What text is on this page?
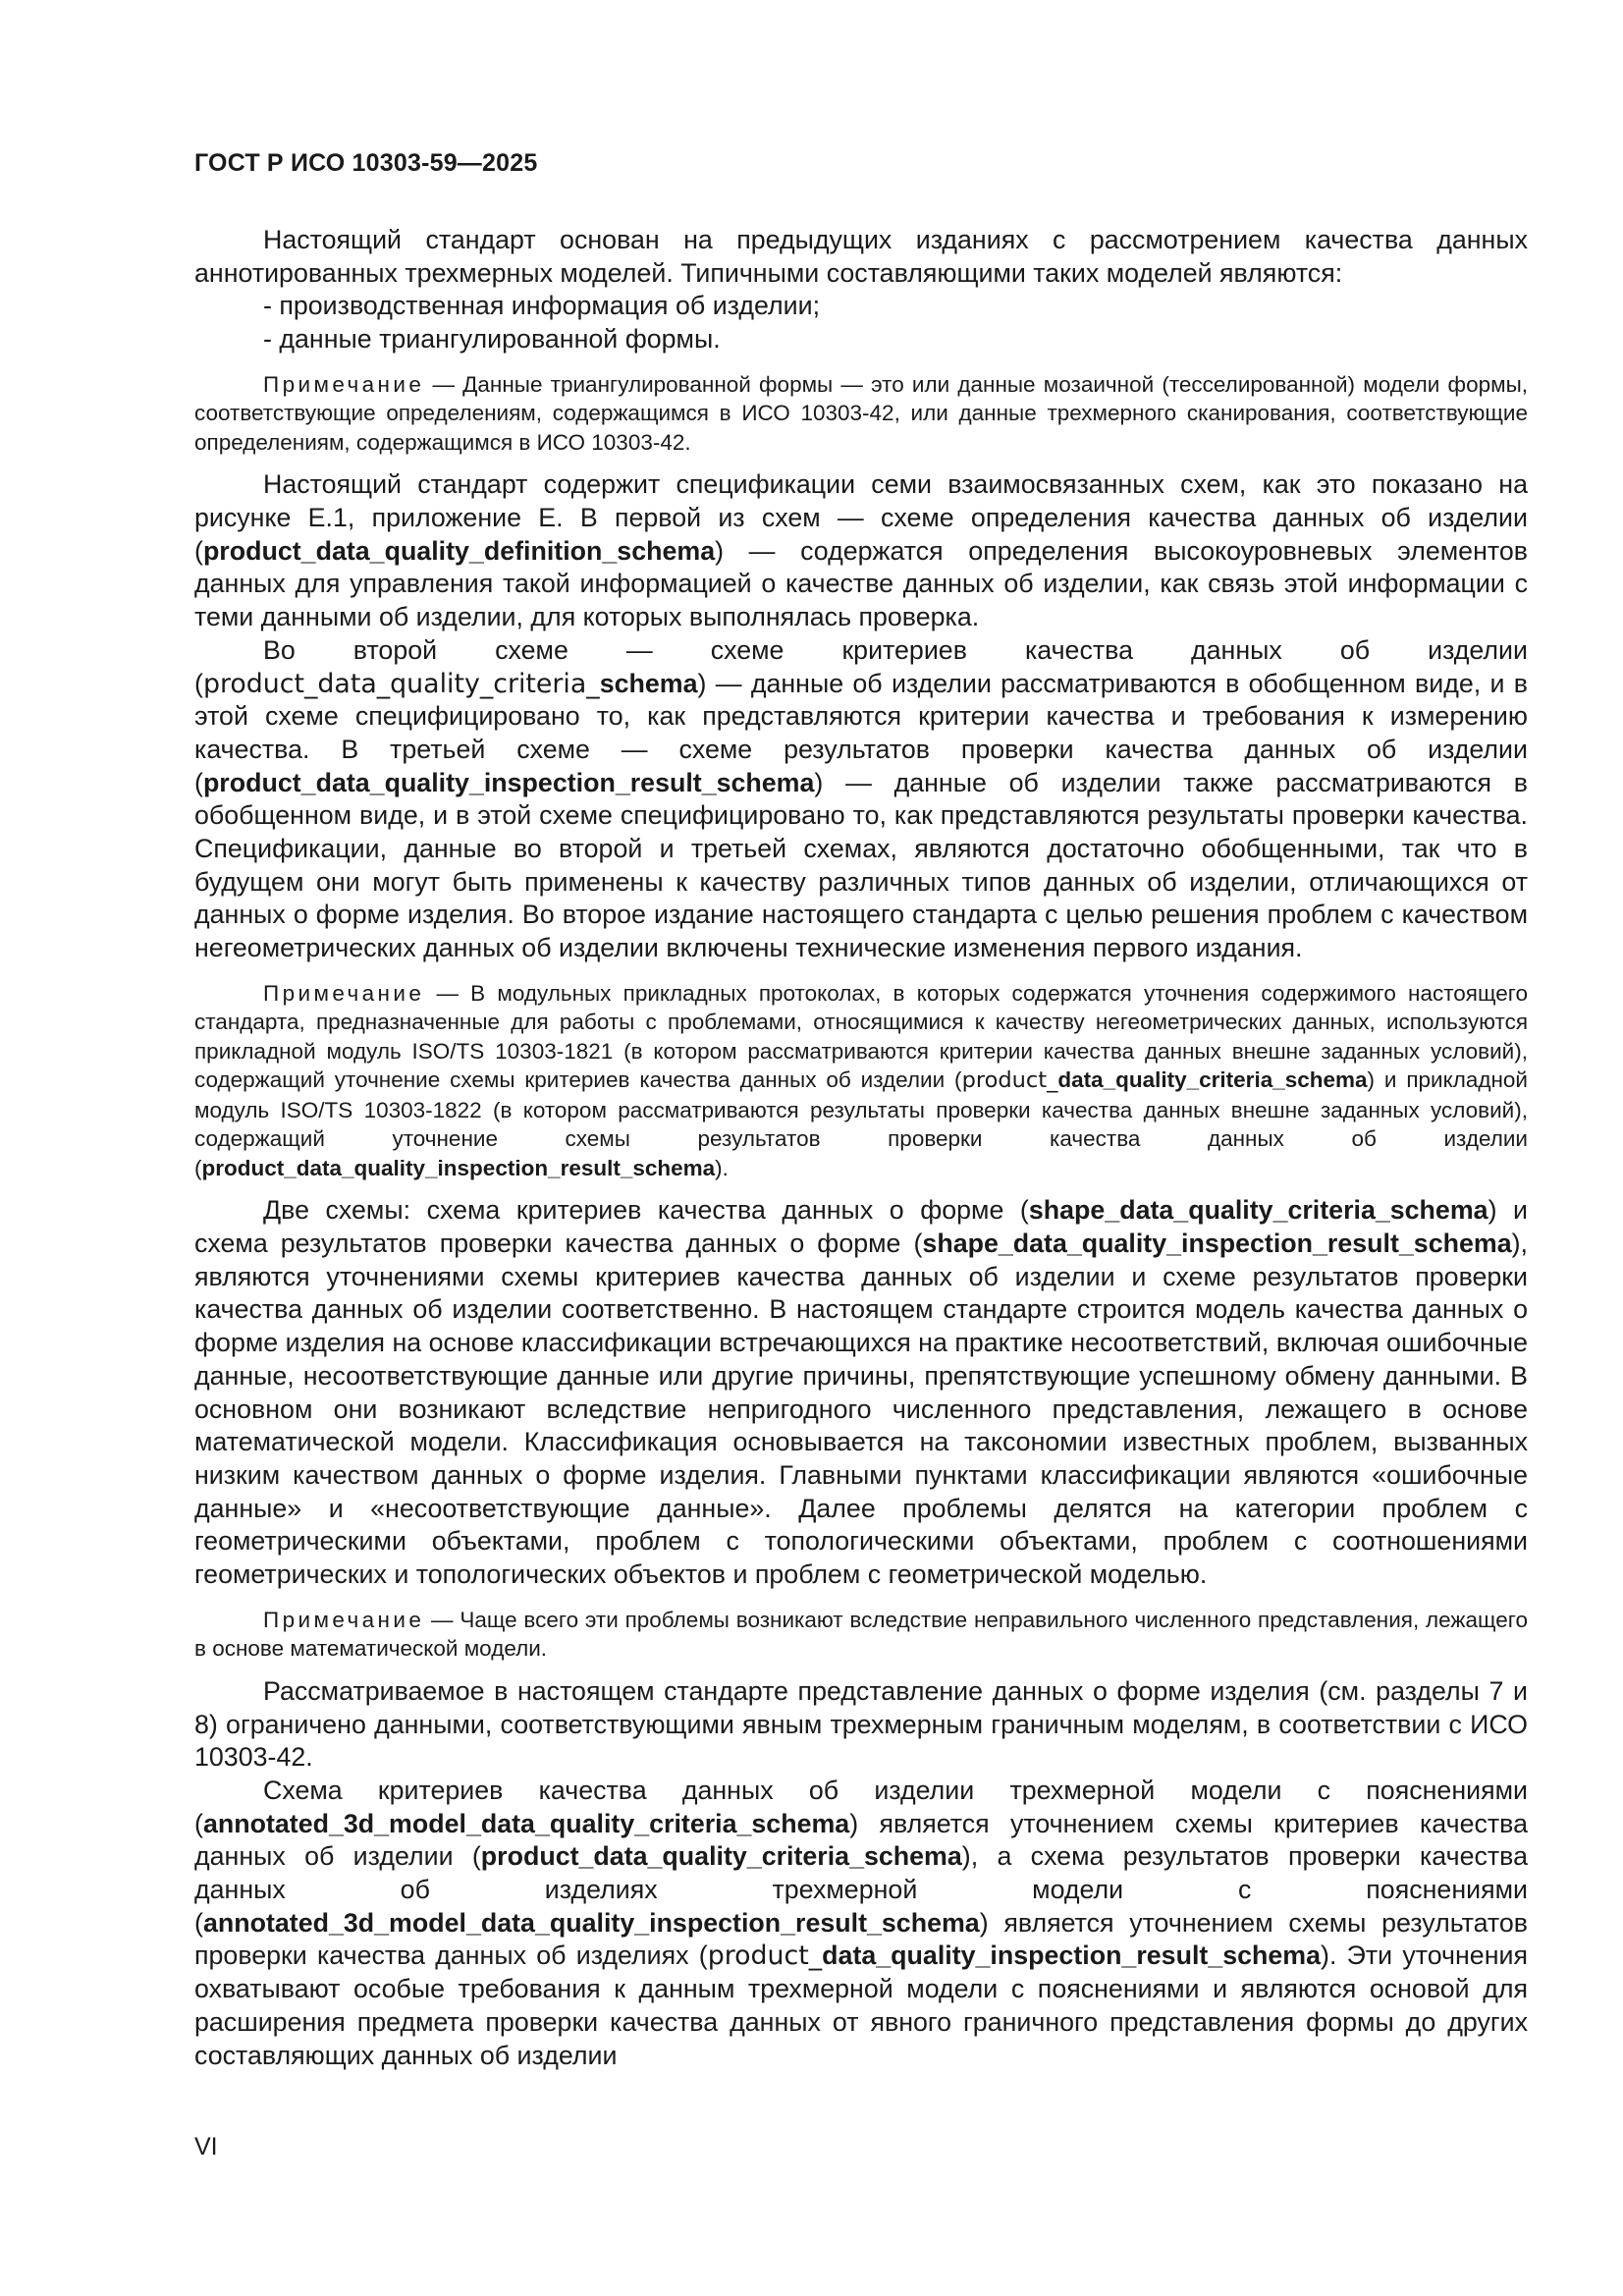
ГОСТ Р ИСО 10303-59—2025

Настоящий стандарт основан на предыдущих изданиях с рассмотрением качества данных аннотированных трехмерных моделей. Типичными составляющими таких моделей являются:

- производственная информация об изделии;

- данные триангулированной формы.

Примечание — Данные триангулированной формы — это или данные мозаичной (тесселированной) модели формы, соответствующие определениям, содержащимся в ИСО 10303-42, или данные трехмерного сканирования, соответствующие определениям, содержащимся в ИСО 10303-42.

Настоящий стандарт содержит спецификации семи взаимосвязанных схем, как это показано на рисунке E.1, приложение E. В первой из схем — схеме определения качества данных об изделии (product_data_quality_definition_schema) — содержатся определения высокоуровневых элементов данных для управления такой информацией о качестве данных об изделии, как связь этой информации с теми данными об изделии, для которых выполнялась проверка.

Во второй схеме — схеме критериев качества данных об изделии (product_data_quality_criteria_schema) — данные об изделии рассматриваются в обобщенном виде, и в этой схеме специфицировано то, как представляются критерии качества и требования к измерению качества. В третьей схеме — схеме результатов проверки качества данных об изделии (product_data_quality_inspection_result_schema) — данные об изделии также рассматриваются в обобщенном виде, и в этой схеме специфицировано то, как представляются результаты проверки качества. Спецификации, данные во второй и третьей схемах, являются достаточно обобщенными, так что в будущем они могут быть применены к качеству различных типов данных об изделии, отличающихся от данных о форме изделия. Во второе издание настоящего стандарта с целью решения проблем с качеством негеометрических данных об изделии включены технические изменения первого издания.

Примечание — В модульных прикладных протоколах, в которых содержатся уточнения содержимого настоящего стандарта, предназначенные для работы с проблемами, относящимися к качеству негеометрических данных, используются прикладной модуль ISO/TS 10303-1821 (в котором рассматриваются критерии качества данных внешне заданных условий), содержащий уточнение схемы критериев качества данных об изделии (product_data_quality_criteria_schema) и прикладной модуль ISO/TS 10303-1822 (в котором рассматриваются результаты проверки качества данных внешне заданных условий), содержащий уточнение схемы результатов проверки качества данных об изделии (product_data_quality_inspection_result_schema).

Две схемы: схема критериев качества данных о форме (shape_data_quality_criteria_schema) и схема результатов проверки качества данных о форме (shape_data_quality_inspection_result_schema), являются уточнениями схемы критериев качества данных об изделии и схеме результатов проверки качества данных об изделии соответственно. В настоящем стандарте строится модель качества данных о форме изделия на основе классификации встречающихся на практике несоответствий, включая ошибочные данные, несоответствующие данные или другие причины, препятствующие успешному обмену данными. В основном они возникают вследствие непригодного численного представления, лежащего в основе математической модели. Классификация основывается на таксономии известных проблем, вызванных низким качеством данных о форме изделия. Главными пунктами классификации являются «ошибочные данные» и «несоответствующие данные». Далее проблемы делятся на категории проблем с геометрическими объектами, проблем с топологическими объектами, проблем с соотношениями геометрических и топологических объектов и проблем с геометрической моделью.

Примечание — Чаще всего эти проблемы возникают вследствие неправильного численного представления, лежащего в основе математической модели.

Рассматриваемое в настоящем стандарте представление данных о форме изделия (см. разделы 7 и 8) ограничено данными, соответствующими явным трехмерным граничным моделям, в соответствии с ИСО 10303-42.

Схема критериев качества данных об изделии трехмерной модели с пояснениями (annotated_3d_model_data_quality_criteria_schema) является уточнением схемы критериев качества данных об изделии (product_data_quality_criteria_schema), а схема результатов проверки качества данных об изделиях трехмерной модели с пояснениями (annotated_3d_model_data_quality_inspection_result_schema) является уточнением схемы результатов проверки качества данных об изделиях (product_data_quality_inspection_result_schema). Эти уточнения охватывают особые требования к данным трехмерной модели с пояснениями и являются основой для расширения предмета проверки качества данных от явного граничного представления формы до других составляющих данных об изделии

VI
